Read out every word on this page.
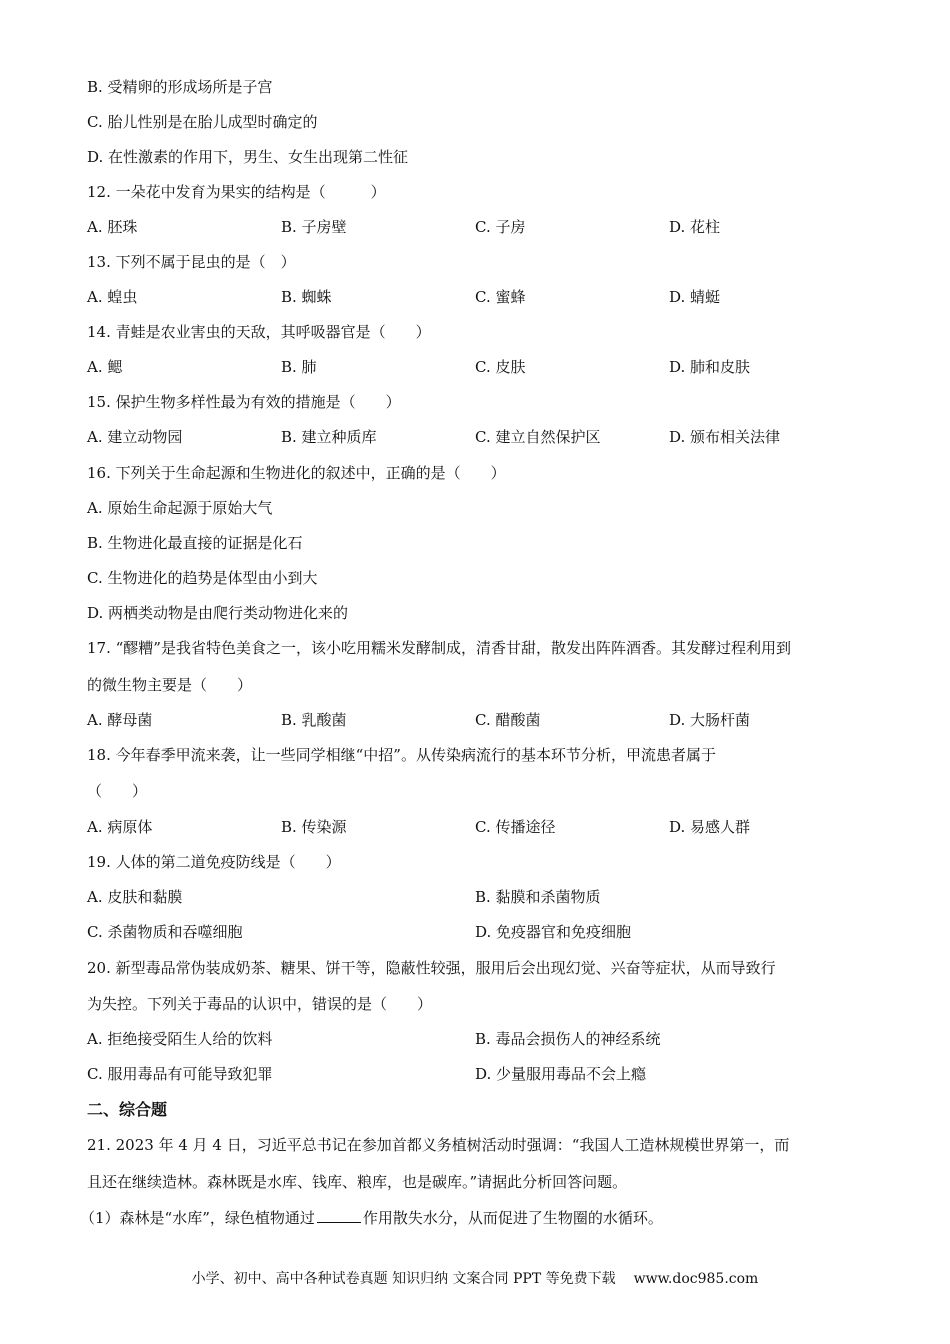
B. 受精卵的形成场所是子宫
C. 胎儿性别是在胎儿成型时确定的
D. 在性激素的作用下，男生、女生出现第二性征
12. 一朵花中发育为果实的结构是（　　　）
A. 胚珠	B. 子房壁	C. 子房	D. 花柱
13. 下列不属于昆虫的是（　）
A. 蝗虫	B. 蜘蛛	C. 蜜蜂	D. 蜻蜓
14. 青蛙是农业害虫的天敌，其呼吸器官是（　　）
A. 鳃	B. 肺	C. 皮肤	D. 肺和皮肤
15. 保护生物多样性最为有效的措施是（　　）
A. 建立动物园	B. 建立种质库	C. 建立自然保护区	D. 颁布相关法律
16. 下列关于生命起源和生物进化的叙述中，正确的是（　　）
A. 原始生命起源于原始大气
B. 生物进化最直接的证据是化石
C. 生物进化的趋势是体型由小到大
D. 两栖类动物是由爬行类动物进化来的
17. “醪糟”是我省特色美食之一，该小吃用糯米发酵制成，清香甘甜，散发出阵阵酒香。其发酵过程利用到
的微生物主要是（　　）
A. 酵母菌	B. 乳酸菌	C. 醋酸菌	D. 大肠杆菌
18. 今年春季甲流来袭，让一些同学相继“中招”。从传染病流行的基本环节分析，甲流患者属于
（　　）
A. 病原体	B. 传染源	C. 传播途径	D. 易感人群
19. 人体的第二道免疫防线是（　　）
A. 皮肤和黏膜	B. 黏膜和杀菌物质
C. 杀菌物质和吞噬细胞	D. 免疫器官和免疫细胞
20. 新型毒品常伪装成奶茶、糖果、饼干等，隐蔽性较强，服用后会出现幻觉、兴奋等症状，从而导致行
为失控。下列关于毒品的认识中，错误的是（　　）
A. 拒绝接受陌生人给的饮料	B. 毒品会损伤人的神经系统
C. 服用毒品有可能导致犯罪	D. 少量服用毒品不会上瘾
二、综合题
21. 2023 年 4 月 4 日，习近平总书记在参加首都义务植树活动时强调：“我国人工造林规模世界第一，而
且还在继续造林。森林既是水库、钱库、粮库，也是碳库。”请据此分析回答问题。
（1）森林是“水库”，绿色植物通过	作用散失水分，从而促进了生物圈的水循环。
小学、初中、高中各种试卷真题 知识归纳 文案合同 PPT 等免费下载 www.doc985.com
